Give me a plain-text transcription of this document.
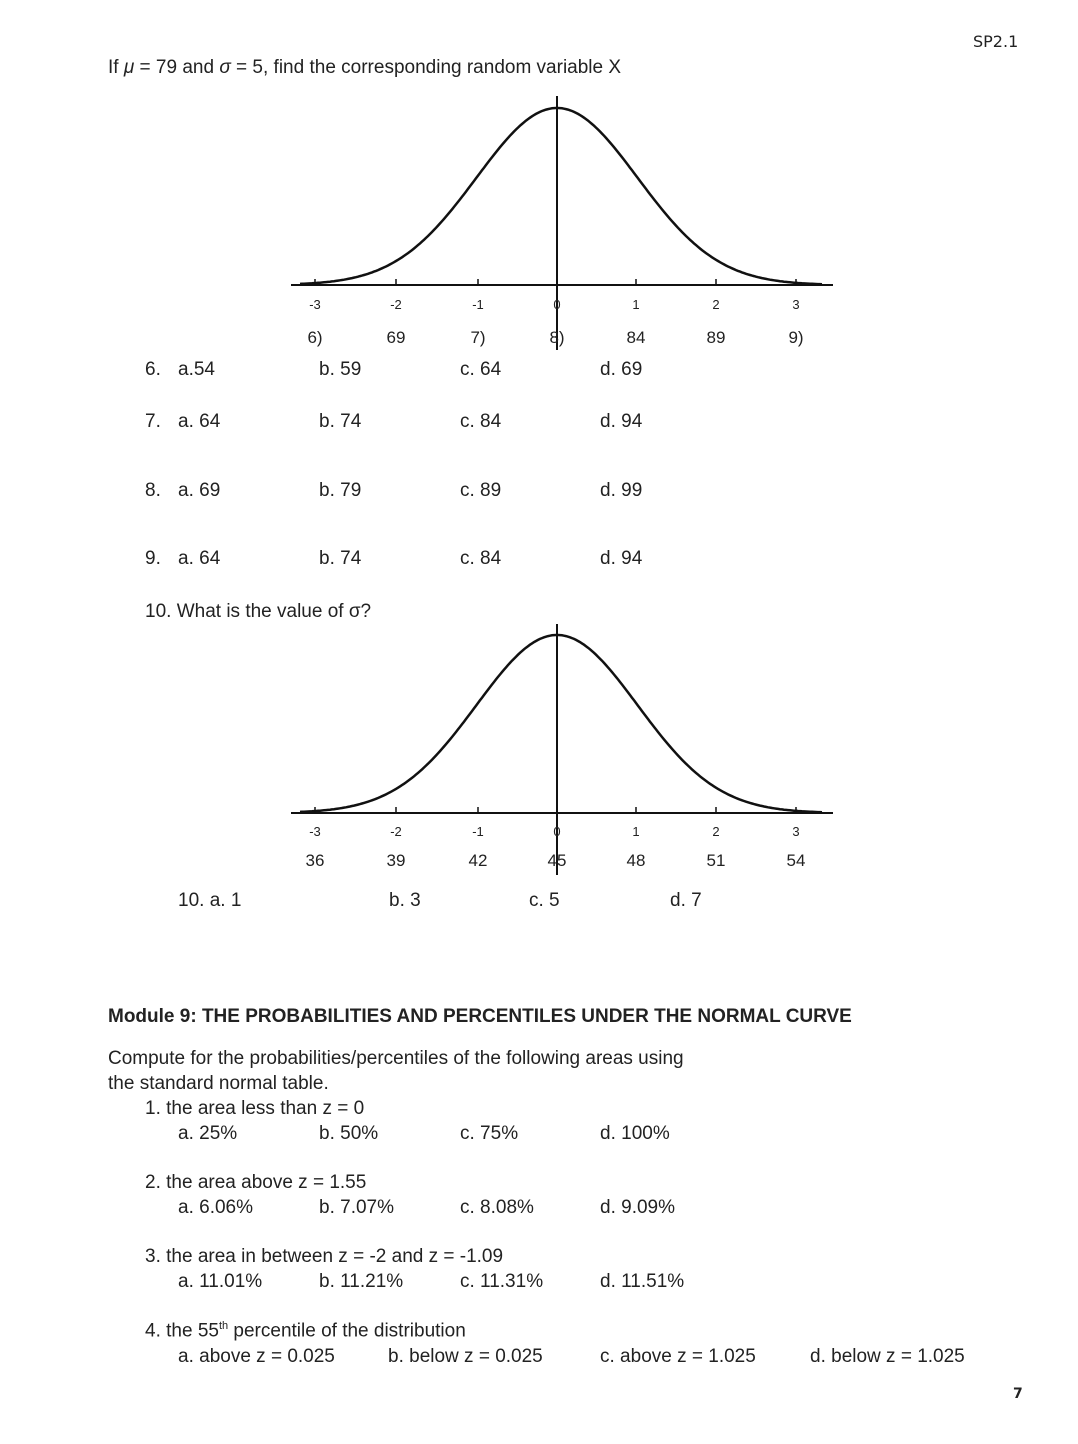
SP2.1
If μ = 79 and σ = 5, find the corresponding random variable X
-3	-2	-1	0	1	2	3
6)	69	7)	8)	84	89	9)
-3	-2	-1	0	1	2	3
36	39	42	45	48	51	54
6. a.54	b. 59	c. 64	d. 69
7. a. 64	b. 74	c. 84	d. 94
8. a. 69	b. 79	c. 89	d. 99
9. a. 64	b. 74	c. 84	d. 94
10. What is the value of σ?
10. a. 1	b. 3	c. 5	d. 7
Module 9: THE PROBABILITIES AND PERCENTILES UNDER THE NORMAL CURVE
Compute for the probabilities/percentiles of the following areas using
the standard normal table.
1. the area less than z = 0
a. 25%	b. 50%	c. 75%	d. 100%
2. the area above z = 1.55
a. 6.06%	b. 7.07%	c. 8.08%	d. 9.09%
3. the area in between z = -2 and z = -1.09
a. 11.01%	b. 11.21%	c. 11.31%	d. 11.51%
4. the 55th percentile of the distribution
a. above z = 0.025	b. below z = 0.025	c. above z = 1.025	d. below z = 1.025
7
